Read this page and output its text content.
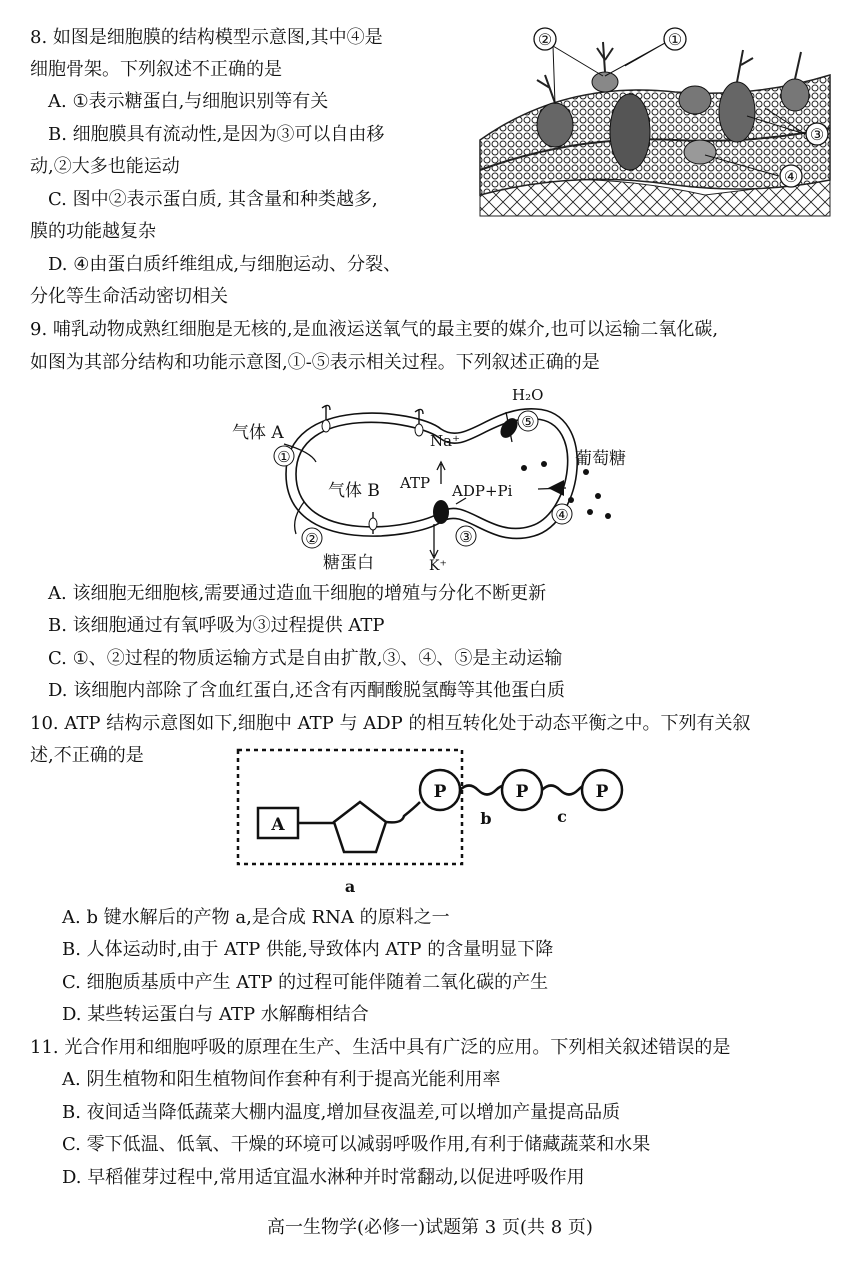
8. 如图是细胞膜的结构模型示意图,其中④是
细胞骨架。下列叙述不正确的是
A. ①表示糖蛋白,与细胞识别等有关
B. 细胞膜具有流动性,是因为③可以自由移
动,②大多也能运动
C. 图中②表示蛋白质, 其含量和种类越多,
膜的功能越复杂
D. ④由蛋白质纤维组成,与细胞运动、分裂、
分化等生命活动密切相关
②	①
③
④
9. 哺乳动物成熟红细胞是无核的,是血液运送氧气的最主要的媒介,也可以运输二氧化碳,
如图为其部分结构和功能示意图,①-⑤表示相关过程。下列叙述正确的是
气体 A
①
气体 B
②
糖蛋白
H₂O
⑤
葡萄糖
④
Na⁺
ATP ADP+Pi
③
K⁺
A. 该细胞无细胞核,需要通过造血干细胞的增殖与分化不断更新
B. 该细胞通过有氧呼吸为③过程提供 ATP
C. ①、②过程的物质运输方式是自由扩散,③、④、⑤是主动运输
D. 该细胞内部除了含血红蛋白,还含有丙酮酸脱氢酶等其他蛋白质
10. ATP 结构示意图如下,细胞中 ATP 与 ADP 的相互转化处于动态平衡之中。下列有关叙
述,不正确的是
A
P	P	P
b	c
a
A. b 键水解后的产物 a,是合成 RNA 的原料之一
B. 人体运动时,由于 ATP 供能,导致体内 ATP 的含量明显下降
C. 细胞质基质中产生 ATP 的过程可能伴随着二氧化碳的产生
D. 某些转运蛋白与 ATP 水解酶相结合
11. 光合作用和细胞呼吸的原理在生产、生活中具有广泛的应用。下列相关叙述错误的是
A. 阴生植物和阳生植物间作套种有利于提高光能利用率
B. 夜间适当降低蔬菜大棚内温度,增加昼夜温差,可以增加产量提高品质
C. 零下低温、低氧、干燥的环境可以减弱呼吸作用,有利于储藏蔬菜和水果
D. 早稻催芽过程中,常用适宜温水淋种并时常翻动,以促进呼吸作用
高一生物学(必修一)试题第 3 页(共 8 页)
